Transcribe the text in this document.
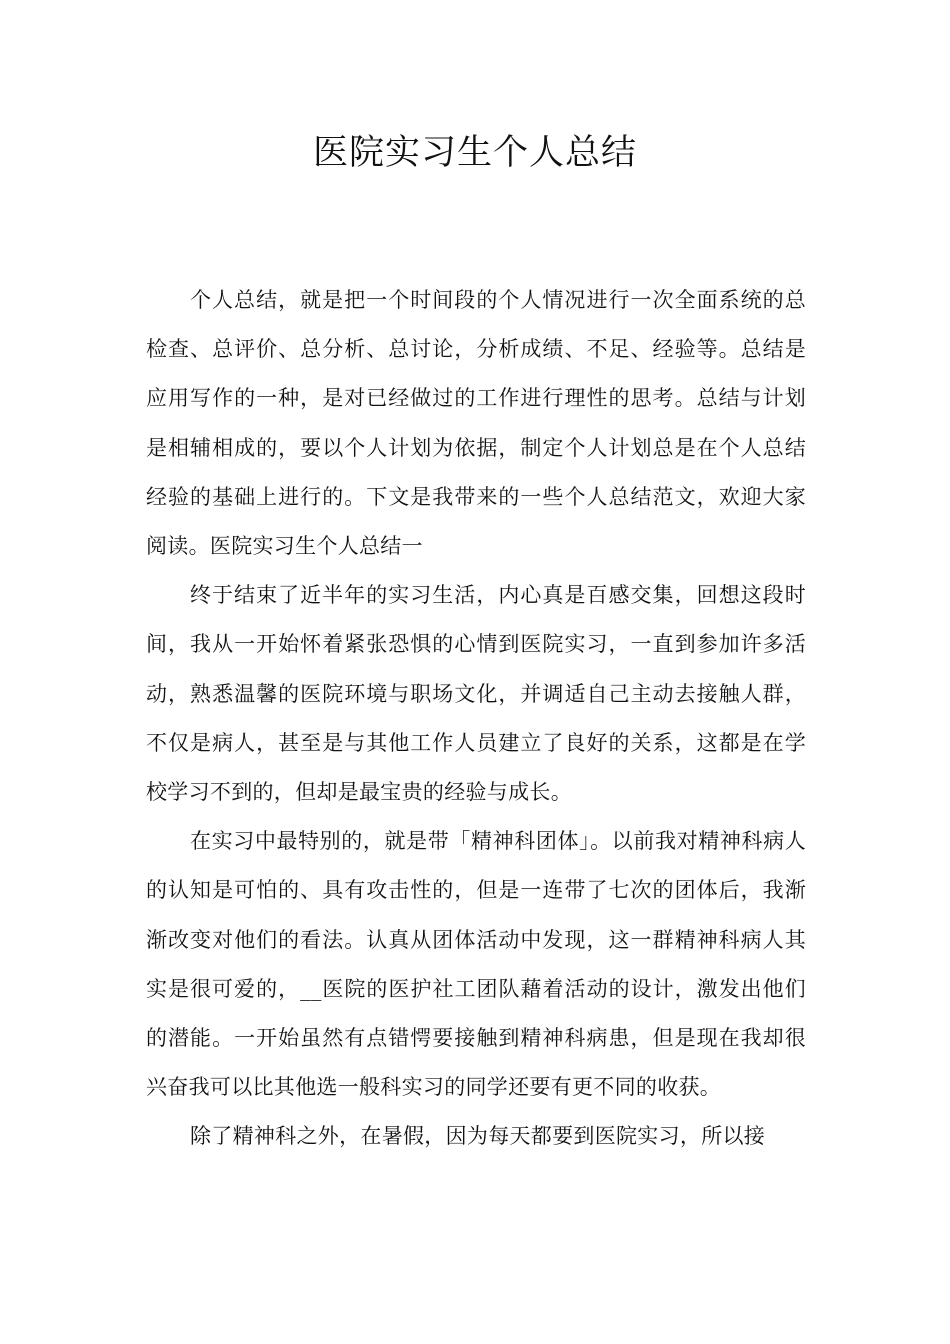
医院实习生个人总结

个人总结，就是把一个时间段的个人情况进行一次全面系统的总检查、总评价、总分析、总讨论，分析成绩、不足、经验等。总结是应用写作的一种，是对已经做过的工作进行理性的思考。总结与计划是相辅相成的，要以个人计划为依据，制定个人计划总是在个人总结经验的基础上进行的。下文是我带来的一些个人总结范文，欢迎大家阅读。医院实习生个人总结一

终于结束了近半年的实习生活，内心真是百感交集，回想这段时间，我从一开始怀着紧张恐惧的心情到医院实习，一直到参加许多活动，熟悉温馨的医院环境与职场文化，并调适自己主动去接触人群，不仅是病人，甚至是与其他工作人员建立了良好的关系，这都是在学校学习不到的，但却是最宝贵的经验与成长。

在实习中最特别的，就是带「精神科团体」。以前我对精神科病人的认知是可怕的、具有攻击性的，但是一连带了七次的团体后，我渐渐改变对他们的看法。认真从团体活动中发现，这一群精神科病人其实是很可爱的，__医院的医护社工团队藉着活动的设计，激发出他们的潜能。一开始虽然有点错愕要接触到精神科病患，但是现在我却很兴奋我可以比其他选一般科实习的同学还要有更不同的收获。

除了精神科之外，在暑假，因为每天都要到医院实习，所以接
